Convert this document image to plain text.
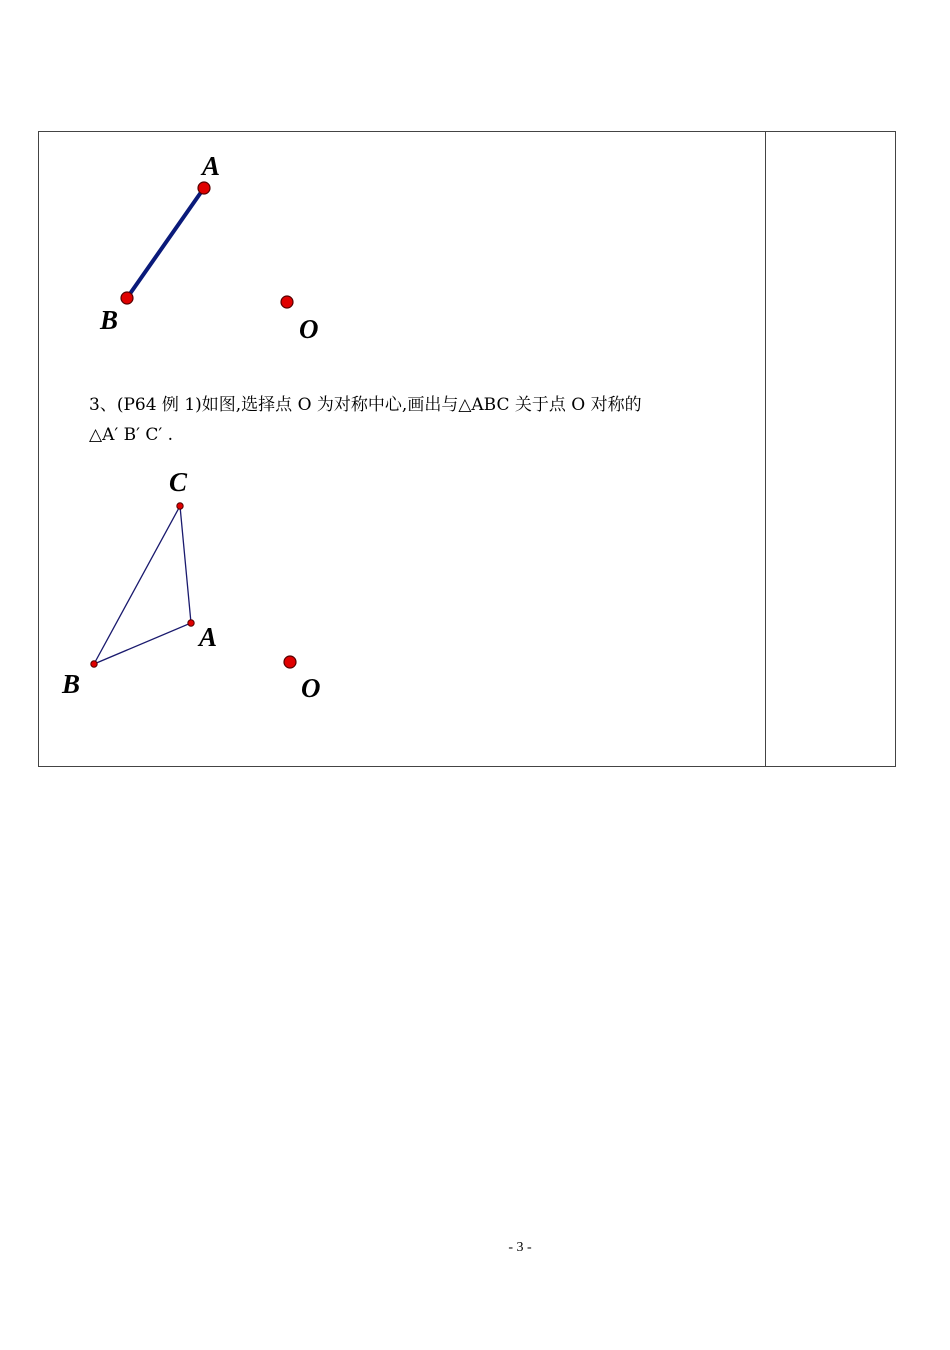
A
B	O
C
A
B	O
3、(P64 例 1)如图,选择点 O 为对称中心,画出与△ABC 关于点 O 对称的
△A′ B′ C′ .
- 3 -
